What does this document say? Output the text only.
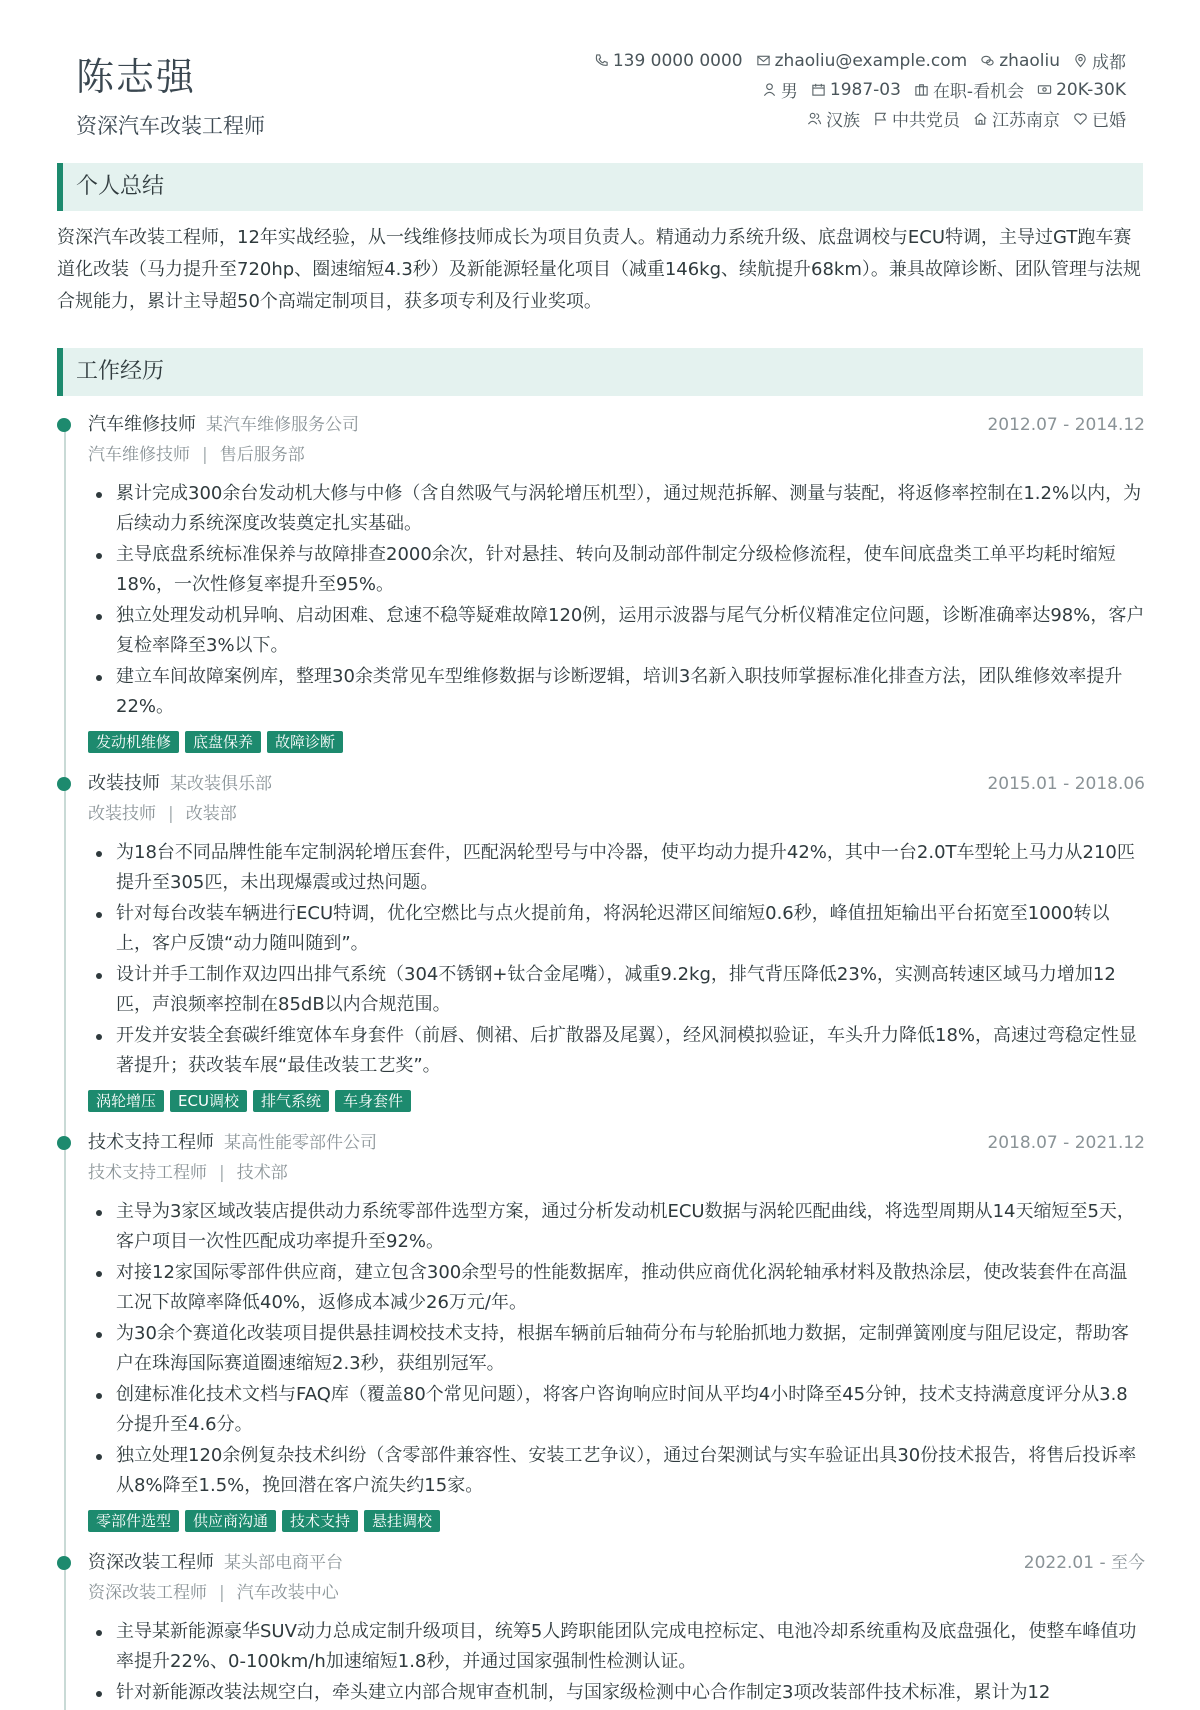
陈志强
资深汽车改装工程师
139 0000 0000 zhaoliu@example.com zhaoliu 成都
男 1987-03 在职-看机会 20K-30K
汉族 中共党员 江苏南京 已婚
个人总结
资深汽车改装工程师，12年实战经验，从一线维修技师成长为项目负责人。精通动力系统升级、底盘调校与ECU特调，主导过GT跑车赛道化改装（马力提升至720hp、圈速缩短4.3秒）及新能源轻量化项目（减重146kg、续航提升68km）。兼具故障诊断、团队管理与法规合规能力，累计主导超50个高端定制项目，获多项专利及行业奖项。
工作经历
汽车维修技师 某汽车维修服务公司	2012.07 - 2014.12
汽车维修技师 | 售后服务部
累计完成300余台发动机大修与中修（含自然吸气与涡轮增压机型），通过规范拆解、测量与装配，将返修率控制在1.2%以内，为后续动力系统深度改装奠定扎实基础。
主导底盘系统标准保养与故障排查2000余次，针对悬挂、转向及制动部件制定分级检修流程，使车间底盘类工单平均耗时缩短18%，一次性修复率提升至95%。
独立处理发动机异响、启动困难、怠速不稳等疑难故障120例，运用示波器与尾气分析仪精准定位问题，诊断准确率达98%，客户复检率降至3%以下。
建立车间故障案例库，整理30余类常见车型维修数据与诊断逻辑，培训3名新入职技师掌握标准化排查方法，团队维修效率提升22%。
发动机维修	底盘保养	故障诊断
改装技师 某改装俱乐部	2015.01 - 2018.06
改装技师 | 改装部
为18台不同品牌性能车定制涡轮增压套件，匹配涡轮型号与中冷器，使平均动力提升42%，其中一台2.0T车型轮上马力从210匹提升至305匹，未出现爆震或过热问题。
针对每台改装车辆进行ECU特调，优化空燃比与点火提前角，将涡轮迟滞区间缩短0.6秒，峰值扭矩输出平台拓宽至1000转以上，客户反馈“动力随叫随到”。
设计并手工制作双边四出排气系统（304不锈钢+钛合金尾嘴），减重9.2kg，排气背压降低23%，实测高转速区域马力增加12匹，声浪频率控制在85dB以内合规范围。
开发并安装全套碳纤维宽体车身套件（前唇、侧裙、后扩散器及尾翼），经风洞模拟验证，车头升力降低18%，高速过弯稳定性显著提升；获改装车展“最佳改装工艺奖”。
涡轮增压	ECU调校	排气系统	车身套件
技术支持工程师 某高性能零部件公司	2018.07 - 2021.12
技术支持工程师 | 技术部
主导为3家区域改装店提供动力系统零部件选型方案，通过分析发动机ECU数据与涡轮匹配曲线，将选型周期从14天缩短至5天，客户项目一次性匹配成功率提升至92%。
对接12家国际零部件供应商，建立包含300余型号的性能数据库，推动供应商优化涡轮轴承材料及散热涂层，使改装套件在高温工况下故障率降低40%，返修成本减少26万元/年。
为30余个赛道化改装项目提供悬挂调校技术支持，根据车辆前后轴荷分布与轮胎抓地力数据，定制弹簧刚度与阻尼设定，帮助客户在珠海国际赛道圈速缩短2.3秒，获组别冠军。
创建标准化技术文档与FAQ库（覆盖80个常见问题），将客户咨询响应时间从平均4小时降至45分钟，技术支持满意度评分从3.8分提升至4.6分。
独立处理120余例复杂技术纠纷（含零部件兼容性、安装工艺争议），通过台架测试与实车验证出具30份技术报告，将售后投诉率从8%降至1.5%，挽回潜在客户流失约15家。
零部件选型	供应商沟通	技术支持	悬挂调校
资深改装工程师 某头部电商平台	2022.01 - 至今
资深改装工程师 | 汽车改装中心
主导某新能源豪华SUV动力总成定制升级项目，统筹5人跨职能团队完成电控标定、电池冷却系统重构及底盘强化，使整车峰值功率提升22%、0-100km/h加速缩短1.8秒，并通过国家强制性检测认证。
针对新能源改装法规空白，牵头建立内部合规审查机制，与国家级检测中心合作制定3项改装部件技术标准，累计为12
